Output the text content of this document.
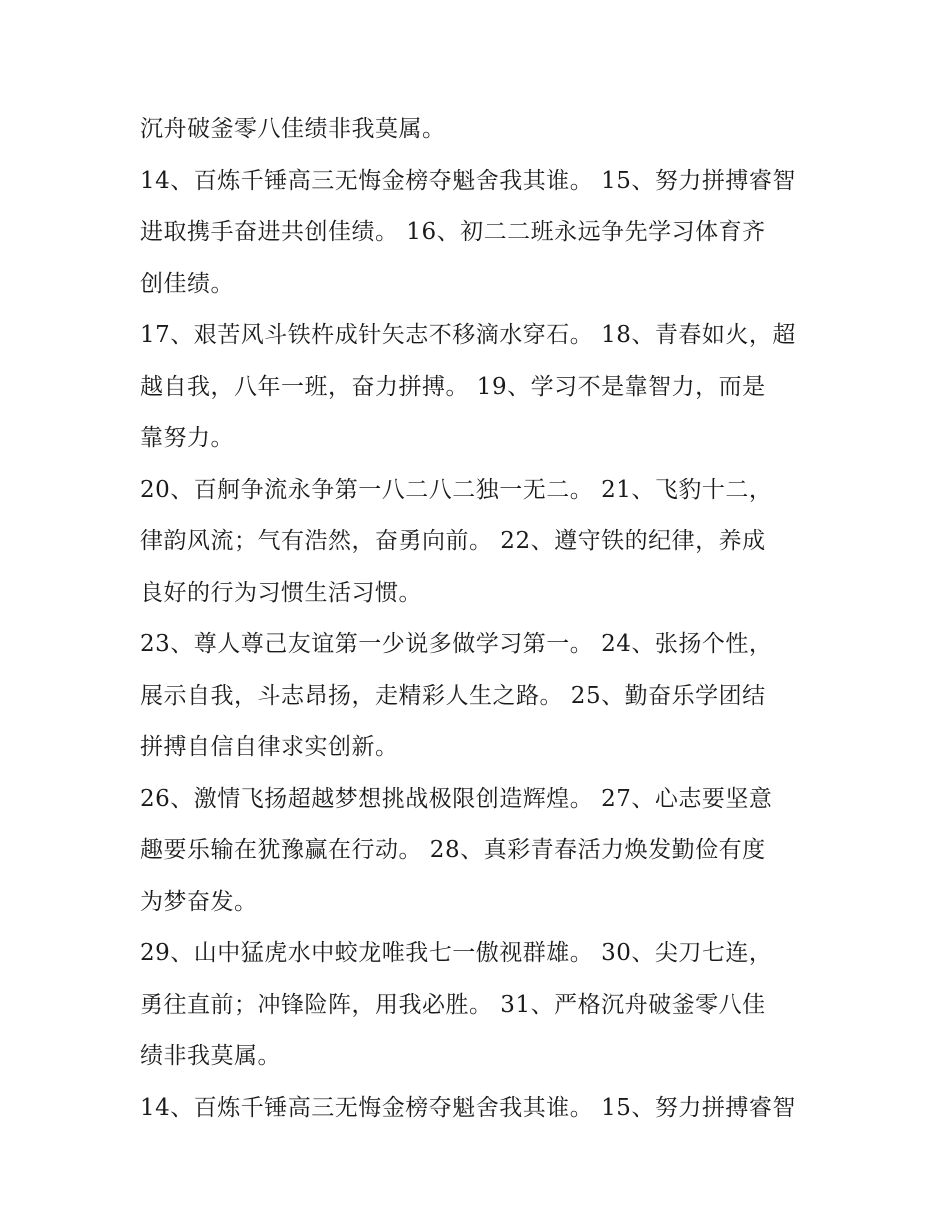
沉舟破釜零八佳绩非我莫属。
14、百炼千锤高三无悔金榜夺魁舍我其谁。 15、努力拼搏睿智
进取携手奋进共创佳绩。 16、初二二班永远争先学习体育齐
创佳绩。
17、艰苦风斗铁杵成针矢志不移滴水穿石。 18、青春如火，超
越自我，八年一班，奋力拼搏。 19、学习不是靠智力，而是
靠努力。
20、百舸争流永争第一八二八二独一无二。 21、飞豹十二，
律韵风流；气有浩然，奋勇向前。 22、遵守铁的纪律，养成
良好的行为习惯生活习惯。
23、尊人尊己友谊第一少说多做学习第一。 24、张扬个性，
展示自我，斗志昂扬，走精彩人生之路。 25、勤奋乐学团结
拼搏自信自律求实创新。
26、激情飞扬超越梦想挑战极限创造辉煌。 27、心志要坚意
趣要乐输在犹豫赢在行动。 28、真彩青春活力焕发勤俭有度
为梦奋发。
29、山中猛虎水中蛟龙唯我七一傲视群雄。 30、尖刀七连，
勇往直前；冲锋险阵，用我必胜。 31、严格沉舟破釜零八佳
绩非我莫属。
14、百炼千锤高三无悔金榜夺魁舍我其谁。 15、努力拼搏睿智
